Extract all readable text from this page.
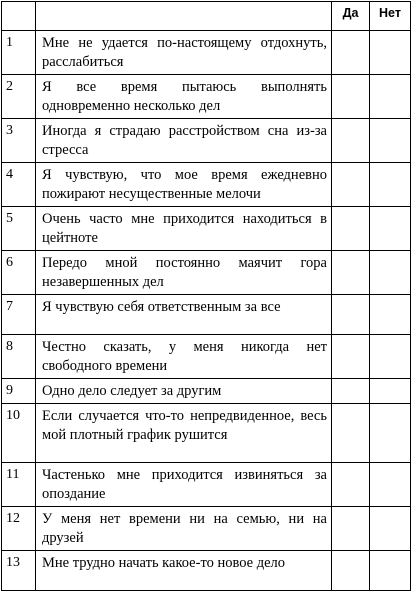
		Да	Нет
1	Мне не удается по-настоящему отдохнуть, расслабиться		
2	Я все время пытаюсь выполнять одновременно несколько дел		
3	Иногда я страдаю расстройством сна из-за стресса		
4	Я чувствую, что мое время ежедневно пожирают несущественные мелочи		
5	Очень часто мне приходится находиться в цейтноте		
6	Передо мной постоянно маячит гора незавершенных дел		
7	Я чувствую себя ответственным за все		
8	Честно сказать, у меня никогда нет свободного времени		
9	Одно дело следует за другим		
10	Если случается что-то непредвиденное, весь мой плотный график рушится		
11	Частенько мне приходится извиняться за опоздание		
12	У меня нет времени ни на семью, ни на друзей		
13	Мне трудно начать какое-то новое дело		
